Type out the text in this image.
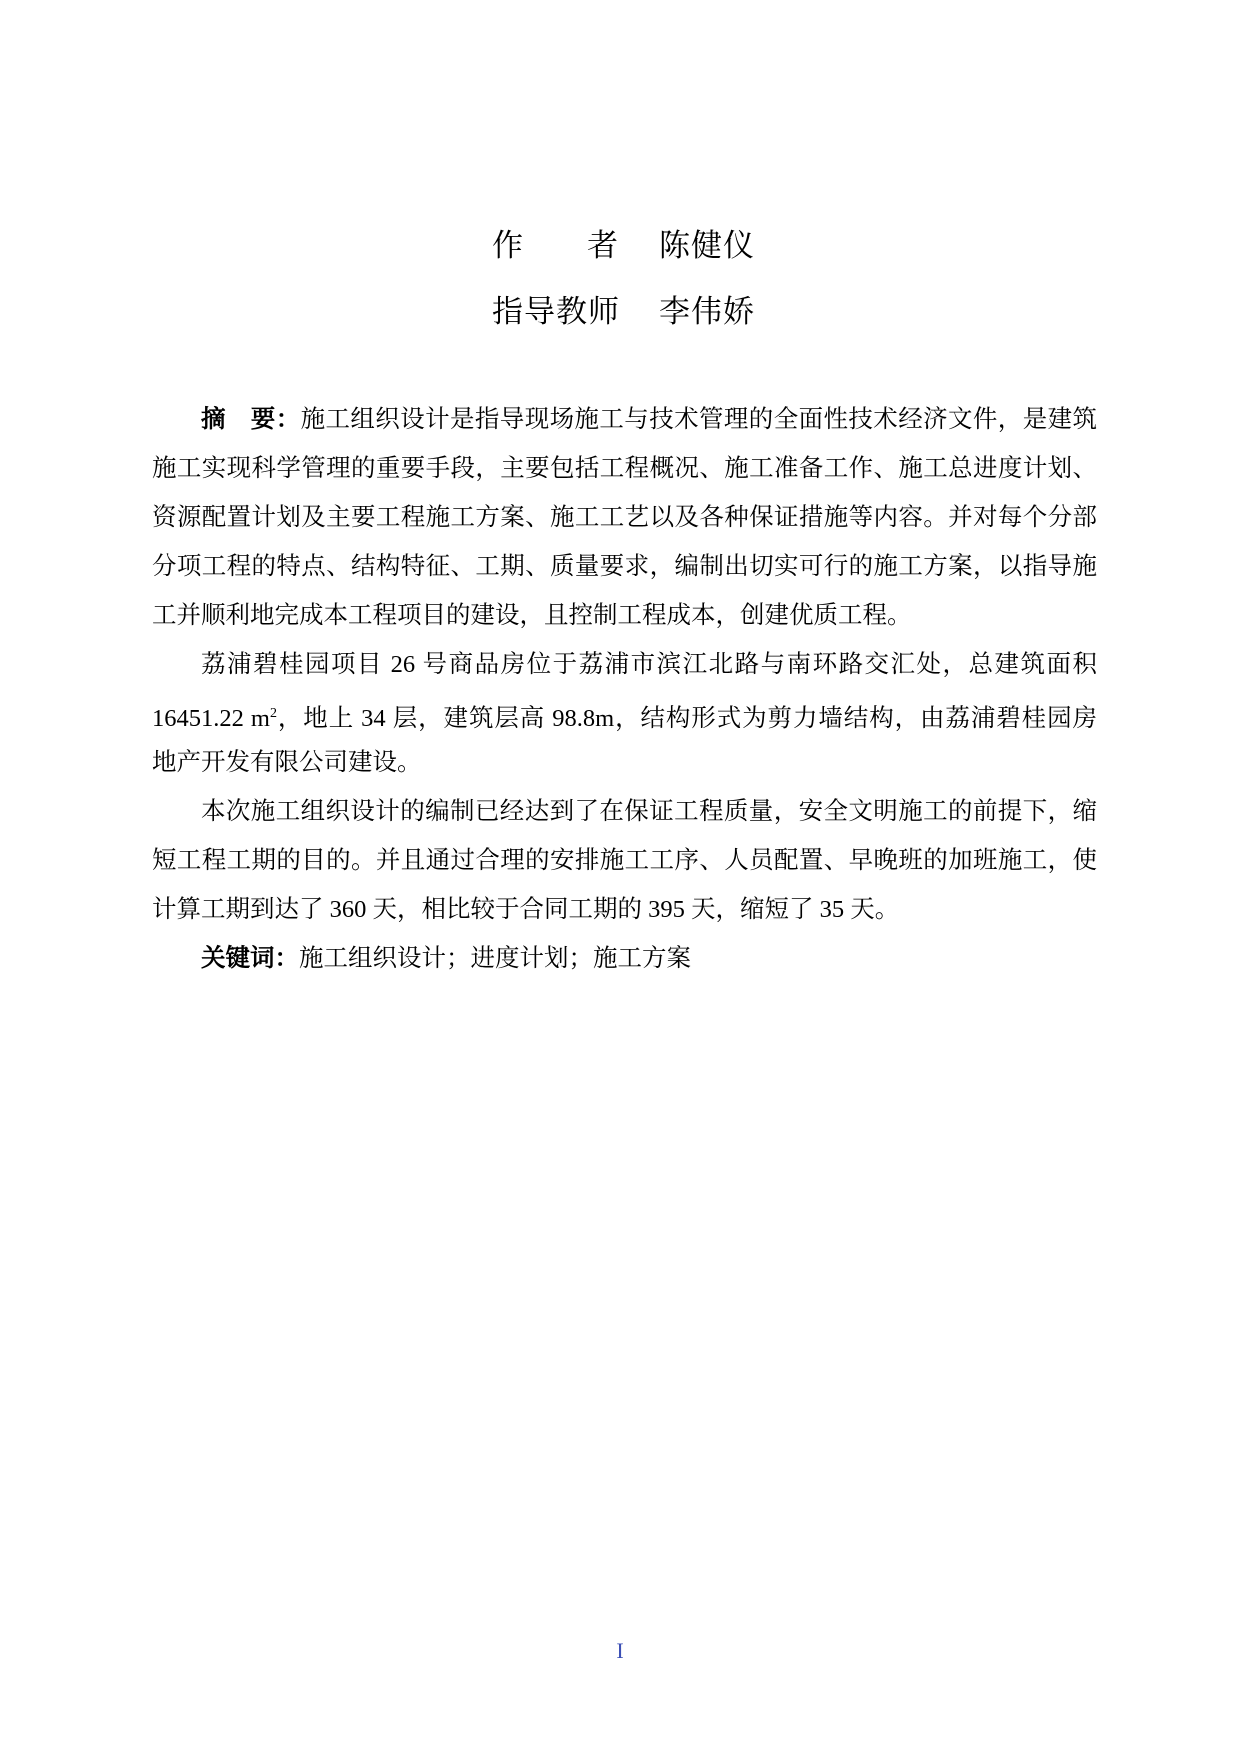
作 者 陈健仪
指导教师 李伟娇
摘　要：施工组织设计是指导现场施工与技术管理的全面性技术经济文件，是建筑
施工实现科学管理的重要手段，主要包括工程概况、施工准备工作、施工总进度计划、
资源配置计划及主要工程施工方案、施工工艺以及各种保证措施等内容。并对每个分部
分项工程的特点、结构特征、工期、质量要求，编制出切实可行的施工方案，以指导施
工并顺利地完成本工程项目的建设，且控制工程成本，创建优质工程。
荔浦碧桂园项目 26 号商品房位于荔浦市滨江北路与南环路交汇处，总建筑面积
16451.22 $m^2$，地上 34 层，建筑层高 98.8m，结构形式为剪力墙结构，由荔浦碧桂园房
地产开发有限公司建设。
本次施工组织设计的编制已经达到了在保证工程质量，安全文明施工的前提下，缩
短工程工期的目的。并且通过合理的安排施工工序、人员配置、早晚班的加班施工，使
计算工期到达了 360 天，相比较于合同工期的 395 天，缩短了 35 天。
关键词：施工组织设计；进度计划；施工方案
I
